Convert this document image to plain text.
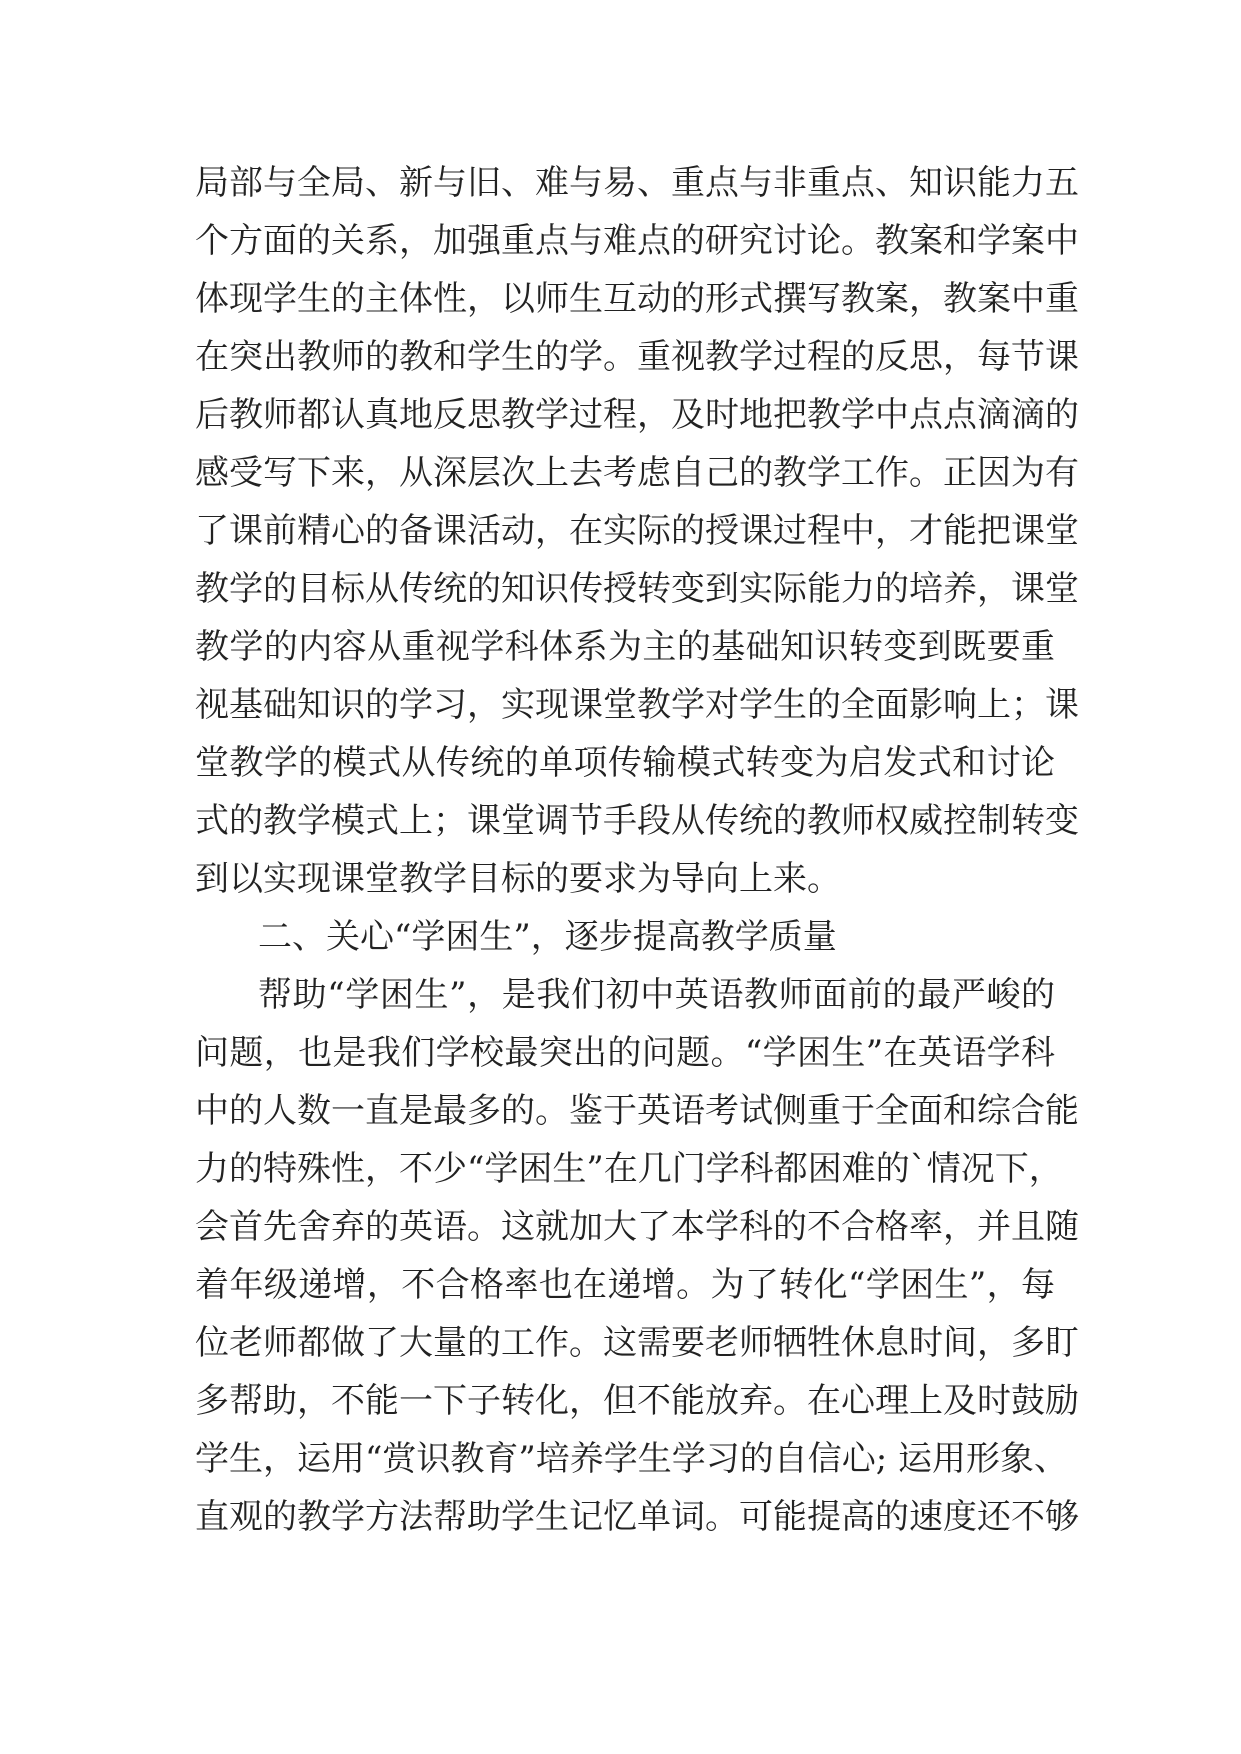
局部与全局、新与旧、难与易、重点与非重点、知识能力五
个方面的关系，加强重点与难点的研究讨论。教案和学案中
体现学生的主体性，以师生互动的形式撰写教案，教案中重
在突出教师的教和学生的学。重视教学过程的反思，每节课
后教师都认真地反思教学过程，及时地把教学中点点滴滴的
感受写下来，从深层次上去考虑自己的教学工作。正因为有
了课前精心的备课活动，在实际的授课过程中，才能把课堂
教学的目标从传统的知识传授转变到实际能力的培养，课堂
教学的内容从重视学科体系为主的基础知识转变到既要重
视基础知识的学习，实现课堂教学对学生的全面影响上；课
堂教学的模式从传统的单项传输模式转变为启发式和讨论
式的教学模式上；课堂调节手段从传统的教师权威控制转变
到以实现课堂教学目标的要求为导向上来。
二、关心“学困生”，逐步提高教学质量
帮助“学困生”，是我们初中英语教师面前的最严峻的
问题，也是我们学校最突出的问题。“学困生”在英语学科
中的人数一直是最多的。鉴于英语考试侧重于全面和综合能
力的特殊性，不少“学困生”在几门学科都困难的`情况下，
会首先舍弃的英语。这就加大了本学科的不合格率，并且随
着年级递增，不合格率也在递增。为了转化“学困生”，每
位老师都做了大量的工作。这需要老师牺牲休息时间，多盯
多帮助，不能一下子转化，但不能放弃。在心理上及时鼓励
学生，运用“赏识教育”培养学生学习的自信心; 运用形象、
直观的教学方法帮助学生记忆单词。可能提高的速度还不够
